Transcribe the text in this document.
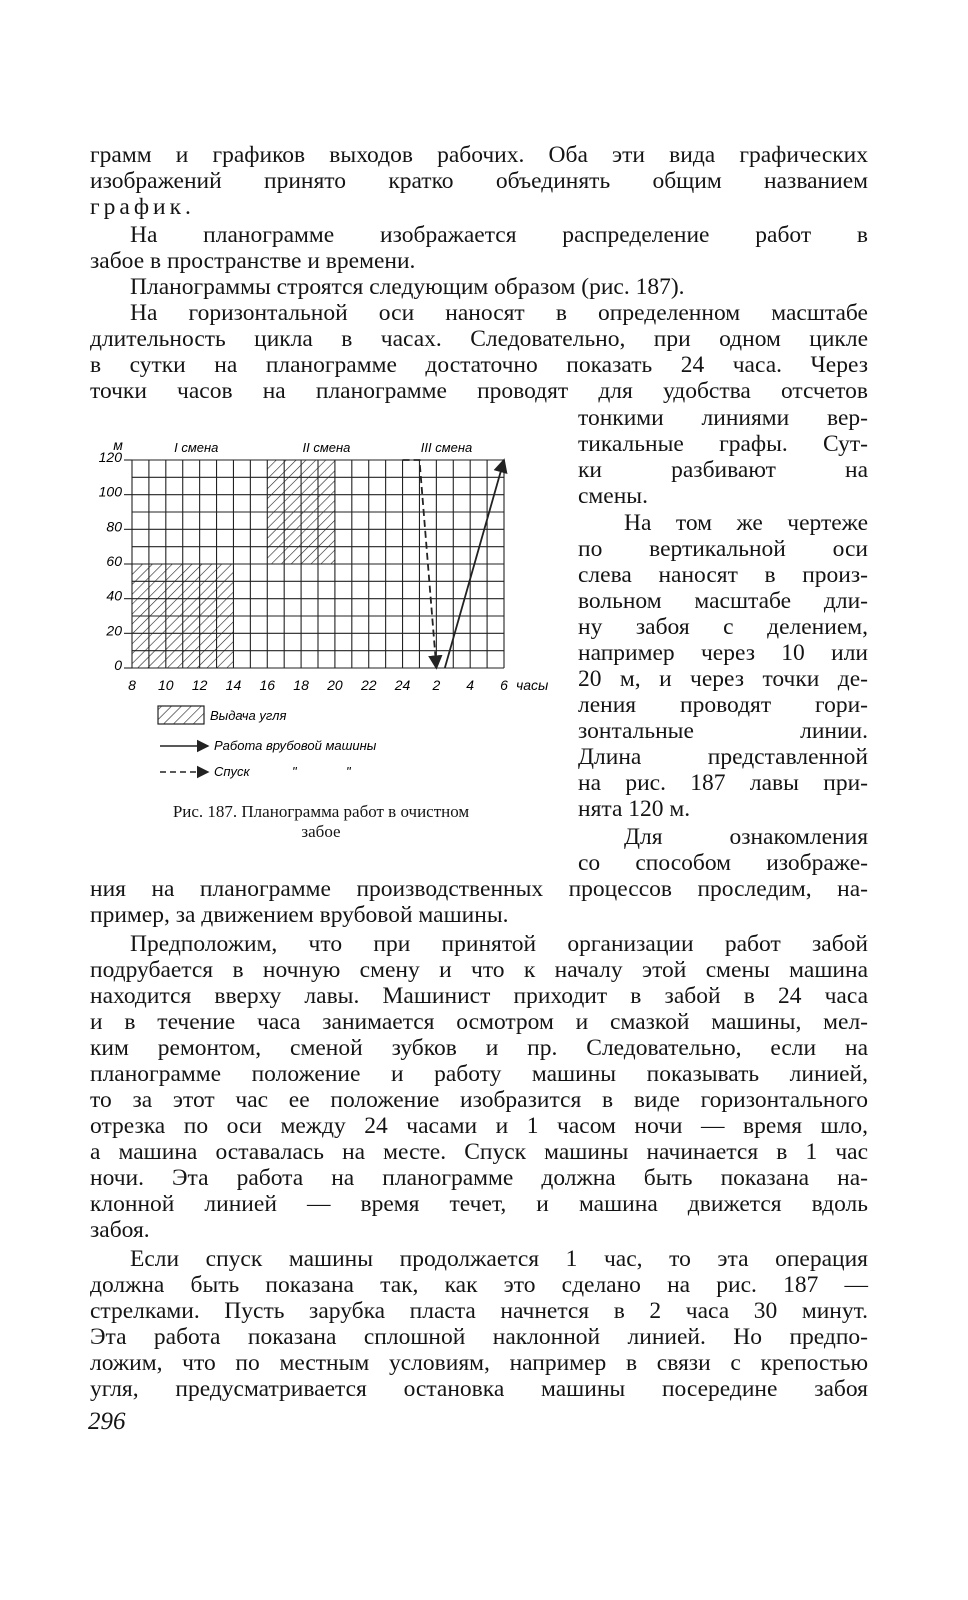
грамм и графиков выходов рабочих. Оба эти вида графических

изображений принято кратко объединять общим названием

график.

На планограмме изображается распределение работ в

забое в пространстве и времени.

Планограммы строятся следующим образом (рис. 187).

На горизонтальной оси наносят в определенном масштабе

длительность цикла в часах. Следовательно, при одном цикле

в сутки на планограмме достаточно показать 24 часа. Через

точки часов на планограмме проводят для удобства отсчетов

тонкими линиями вер-

тикальные графы. Сут-

ки разбивают на

смены.

На том же чертеже

по вертикальной оси

слева наносят в произ-

вольном масштабе дли-

ну забоя с делением,

например через 10 или

20 м, и через точки де-

ления проводят гори-

зонтальные линии.

Длина представленной

на рис. 187 лавы при-

нята 120 м.

Для ознакомления

со способом изображе-

ния на планограмме производственных процессов проследим, на-

пример, за движением врубовой машины.

Предположим, что при принятой организации работ забой

подрубается в ночную смену и что к началу этой смены машина

находится вверху лавы. Машинист приходит в забой в 24 часа

и в течение часа занимается осмотром и смазкой машины, мел-

ким ремонтом, сменой зубков и пр. Следовательно, если на

планограмме положение и работу машины показывать линией,

то за этот час ее положение изобразится в виде горизонтального

отрезка по оси между 24 часами и 1 часом ночи — время шло,

а машина оставалась на месте. Спуск машины начинается в 1 час

ночи. Эта работа на планограмме должна быть показана на-

клонной линией — время течет, и машина движется вдоль

забоя.

Если спуск машины продолжается 1 час, то эта операция

должна быть показана так, как это сделано на рис. 187 —

стрелками. Пусть зарубка пласта начнется в 2 часа 30 минут.

Эта работа показана сплошной наклонной линией. Но предпо-

ложим, что по местным условиям, например в связи с крепостью

угля, предусматривается остановка машины посередине забоя

296
8 10 12 14 16 18 20 22 24 2 4 6
0
20
40
60
80
100
120
I смена	II смена	III смена
м
часы
Выдача угля
Работа врубовой машины
Спуск	"	"
Рис. 187. Планограмма работ в очистном
забое
